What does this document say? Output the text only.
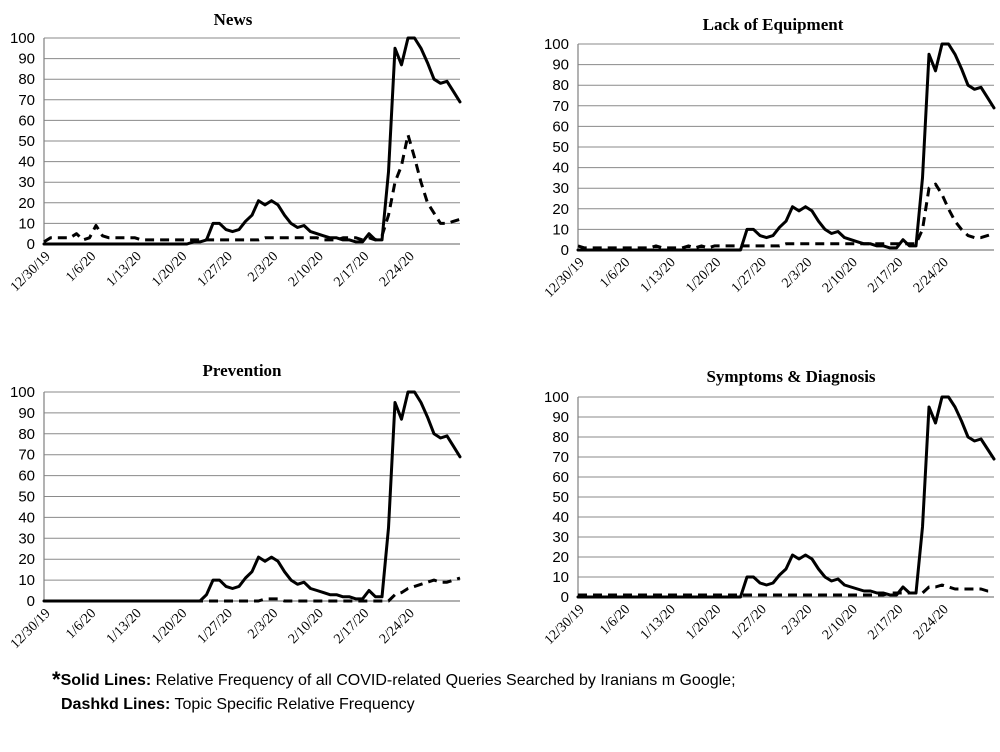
News
0
10
20
30
40
50
60
70
80
90
100
12/30/19 1/6/20 1/13/20 1/20/20 1/27/20 2/3/20 2/10/20 2/17/20 2/24/20
Lack of Equipment
0
10
20
30
40
50
60
70
80
90
100
12/30/19 1/6/20 1/13/20 1/20/20 1/27/20 2/3/20 2/10/20 2/17/20 2/24/20
Prevention
0
10
20
30
40
50
60
70
80
90
100
12/30/19 1/6/20 1/13/20 1/20/20 1/27/20 2/3/20 2/10/20 2/17/20 2/24/20
Symptoms & Diagnosis
0
10
20
30
40
50
60
70
80
90
100
12/30/19 1/6/20 1/13/20 1/20/20 1/27/20 2/3/20 2/10/20 2/17/20 2/24/20
*Solid Lines: Relative Frequency of all COVID-related Queries Searched by Iranians m Google;
Dashkd Lines: Topic Specific Relative Frequency
